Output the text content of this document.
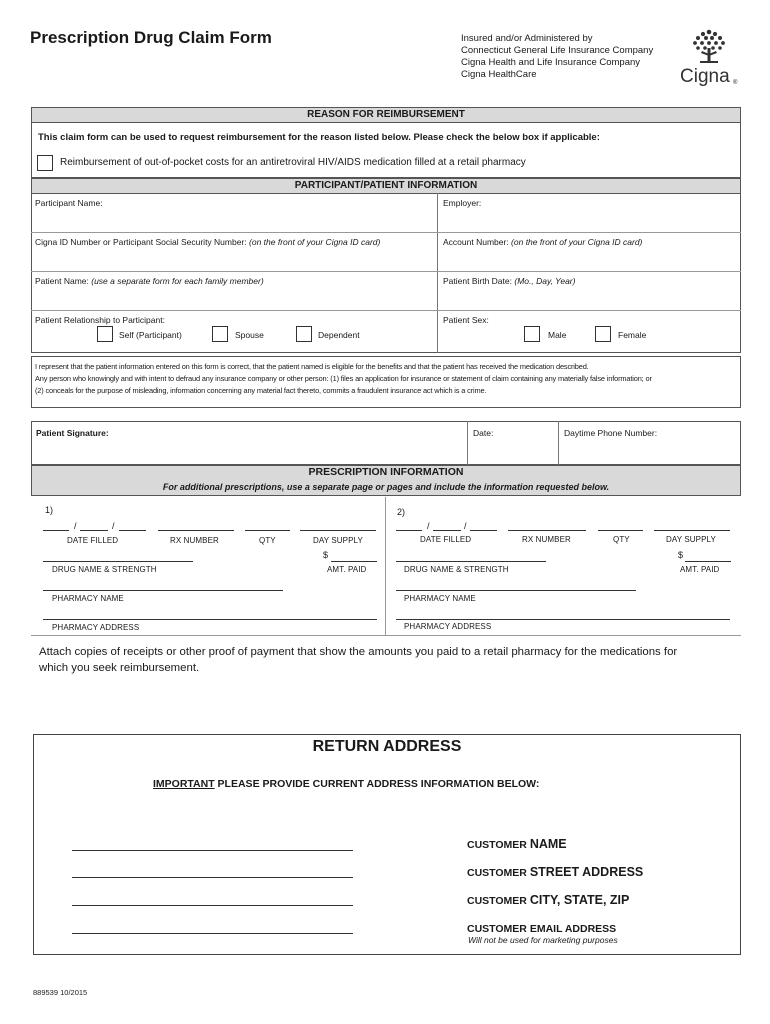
Prescription Drug Claim Form	Insured and/or Administered by
Connecticut General Life Insurance Company
Cigna Health and Life Insurance Company
Cigna HealthCare	Cigna ®
REASON FOR REIMBURSEMENT
This claim form can be used to request reimbursement for the reason listed below. Please check the below box if applicable:
Reimbursement of out-of-pocket costs for an antiretroviral HIV/AIDS medication filled at a retail pharmacy
PARTICIPANT/PATIENT INFORMATION
Participant Name:	Employer:
Cigna ID Number or Participant Social Security Number: (on the front of your Cigna ID card)	Account Number: (on the front of your Cigna ID card)
Patient Name: (use a separate form for each family member)	Patient Birth Date: (Mo., Day, Year)
Patient Relationship to Participant:
Self (Participant)	Spouse	Dependent
Patient Sex:
Male	Female
I represent that the patient information entered on this form is correct, that the patient named is eligible for the benefits and that the patient has received the medication described.
Any person who knowingly and with intent to defraud any insurance company or other person: (1) files an application for insurance or statement of claim containing any materially false information; or
(2) conceals for the purpose of misleading, information concerning any material fact thereto, commits a fraudulent insurance act which is a crime.
Patient Signature:	Date:	Daytime Phone Number:
PRESCRIPTION INFORMATION
For additional prescriptions, use a separate page or pages and include the information requested below.
1)
/	/
DATE FILLED	RX NUMBER	QTY	DAY SUPPLY
$
DRUG NAME & STRENGTH	AMT. PAID
PHARMACY NAME
PHARMACY ADDRESS
2)
/	/
DATE FILLED	RX NUMBER	QTY	DAY SUPPLY
$
DRUG NAME & STRENGTH	AMT. PAID
PHARMACY NAME
PHARMACY ADDRESS
Attach copies of receipts or other proof of payment that show the amounts you paid to a retail pharmacy for the medications for
which you seek reimbursement.
RETURN ADDRESS
IMPORTANT PLEASE PROVIDE CURRENT ADDRESS INFORMATION BELOW:
CUSTOMER NAME
CUSTOMER STREET ADDRESS
CUSTOMER CITY, STATE, ZIP
CUSTOMER EMAIL ADDRESS
Will not be used for marketing purposes
889539 10/2015
